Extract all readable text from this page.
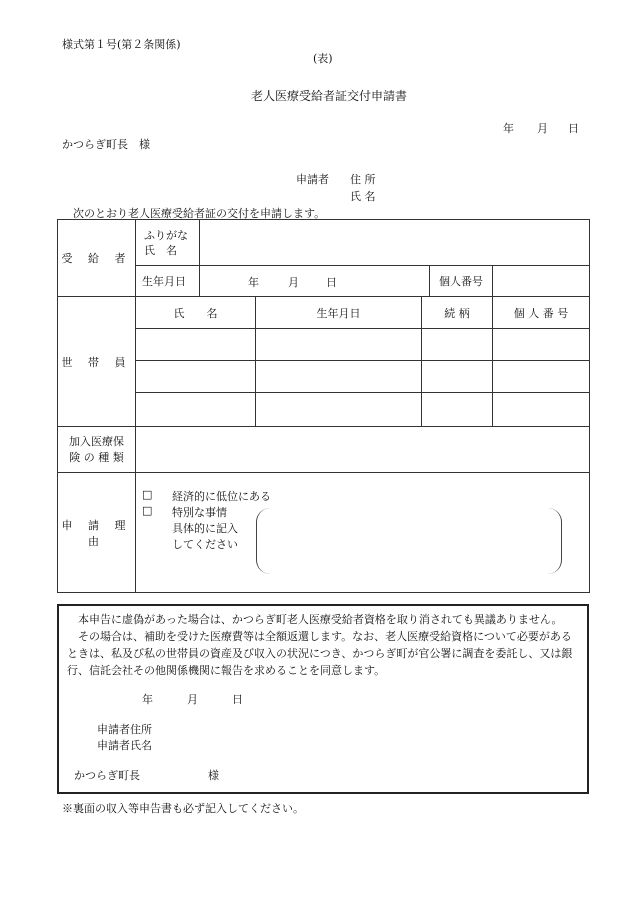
様式第１号(第２条関係)
(表)
老人医療受給者証交付申請書
年 月 日
かつらぎ町長　様
申請者 住 所
氏 名
次のとおり老人医療受給者証の交付を申請します。
受 給 者	ふりがな
氏　名					

	生年月日	年 月 日			個人番号	
世 帯 員	氏　　名		生年月日	続 柄		個 人 番 号

加入医療保
険 の 種 類						

申 請 理 由						
□ 経済的に低位にある
□ 特別な事情
具体的に記入
してください

本申告に虚偽があった場合は、かつらぎ町老人医療受給者資格を取り消されても異議ありません。

その場合は、補助を受けた医療費等は全額返還します。なお、老人医療受給資格について必要があるときは、私及び私の世帯員の資産及び収入の状況につき、かつらぎ町が官公署に調査を委託し、又は銀行、信託会社その他関係機関に報告を求めることを同意します。

年	月	日
申請者住所
申請者氏名
かつらぎ町長	様
※裏面の収入等申告書も必ず記入してください。
